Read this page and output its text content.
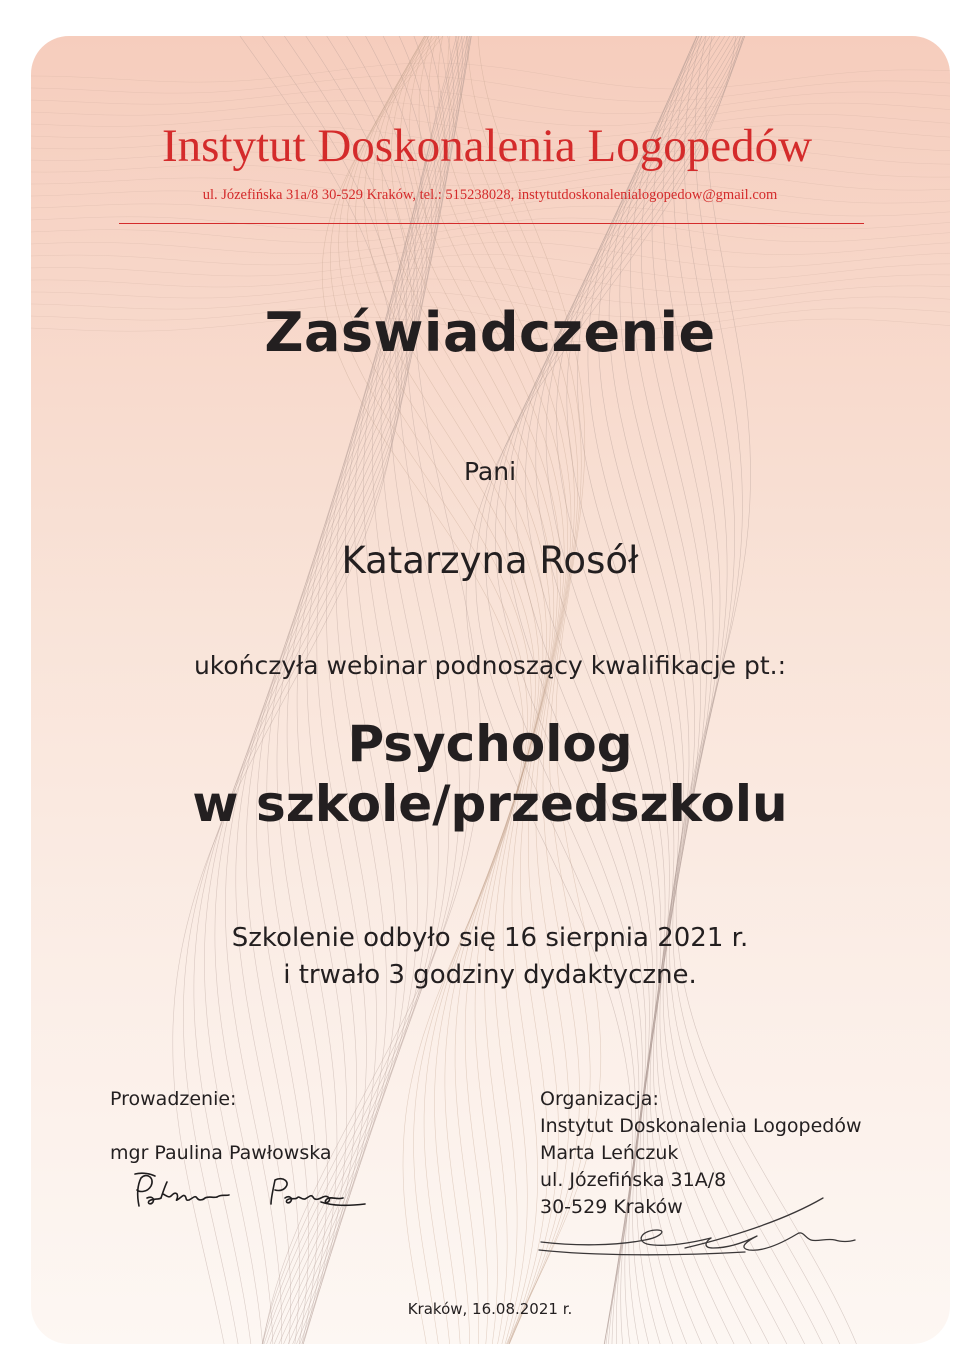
Instytut Doskonalenia Logopedów
ul. Józefińska 31a/8 30-529 Kraków, tel.: 515238028, instytutdoskonalenialogopedow@gmail.com
Zaświadczenie
Pani
Katarzyna Rosół
ukończyła webinar podnoszący kwalifikacje pt.:
Psycholog
w szkole/przedszkolu
Szkolenie odbyło się 16 sierpnia 2021 r.
i trwało 3 godziny dydaktyczne.
Prowadzenie:
mgr Paulina Pawłowska
Organizacja:
Instytut Doskonalenia Logopedów
Marta Leńczuk
ul. Józefińska 31A/8
30-529 Kraków
Kraków, 16.08.2021 r.
